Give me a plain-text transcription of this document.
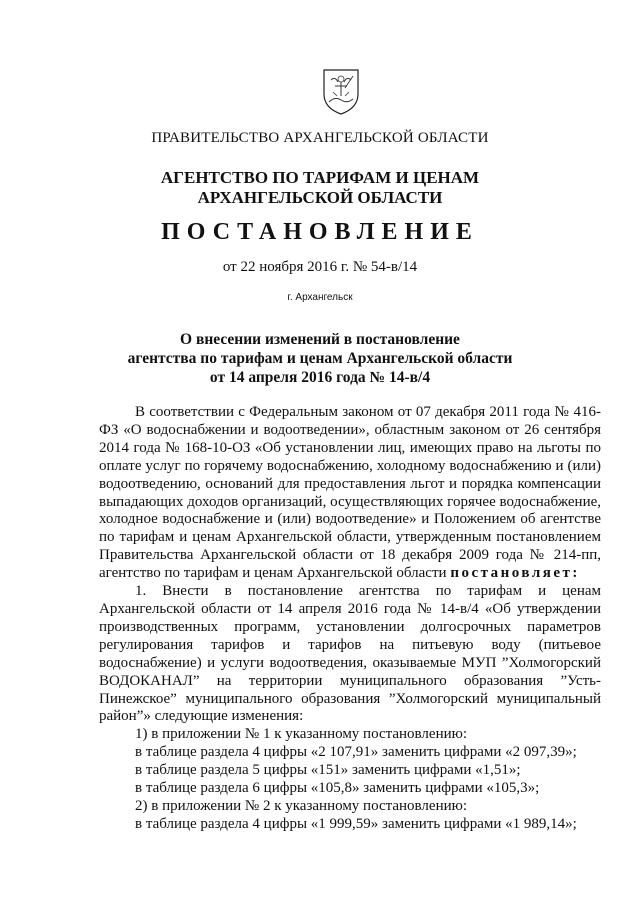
ПРАВИТЕЛЬСТВО АРХАНГЕЛЬСКОЙ ОБЛАСТИ
АГЕНТСТВО ПО ТАРИФАМ И ЦЕНАМ
АРХАНГЕЛЬСКОЙ ОБЛАСТИ
ПОСТАНОВЛЕНИЕ
от 22 ноября 2016 г. № 54-в/14
г. Архангельск
О внесении изменений в постановление
агентства по тарифам и ценам Архангельской области
от 14 апреля 2016 года № 14-в/4

В соответствии с Федеральным законом от 07 декабря 2011 года № 416-ФЗ «О водоснабжении и водоотведении», областным законом от 26 сентября 2014 года № 168-10-ОЗ «Об установлении лиц, имеющих право на льготы по оплате услуг по горячему водоснабжению, холодному водоснабжению и (или) водоотведению, оснований для предоставления льгот и порядка компенсации выпадающих доходов организаций, осуществляющих горячее водоснабжение, холодное водоснабжение и (или) водоотведение» и Положением об агентстве по тарифам и ценам Архангельской области, утвержденным постановлением Правительства Архангельской области от 18 декабря 2009 года № 214-пп, агентство по тарифам и ценам Архангельской области постановляет:

1. Внести в постановление агентства по тарифам и ценам Архангельской области от 14 апреля 2016 года № 14-в/4 «Об утверждении производственных программ, установлении долгосрочных параметров регулирования тарифов и тарифов на питьевую воду (питьевое водоснабжение) и услуги водоотведения, оказываемые МУП ”Холмогорский ВОДОКАНАЛ” на территории муниципального образования ”Усть-Пинежское” муниципального образования ”Холмогорский муниципальный район”» следующие изменения:

1) в приложении № 1 к указанному постановлению:

в таблице раздела 4 цифры «2 107,91» заменить цифрами «2 097,39»;

в таблице раздела 5 цифры «151» заменить цифрами «1,51»;

в таблице раздела 6 цифры «105,8» заменить цифрами «105,3»;

2) в приложении № 2 к указанному постановлению:

в таблице раздела 4 цифры «1 999,59» заменить цифрами «1 989,14»;
